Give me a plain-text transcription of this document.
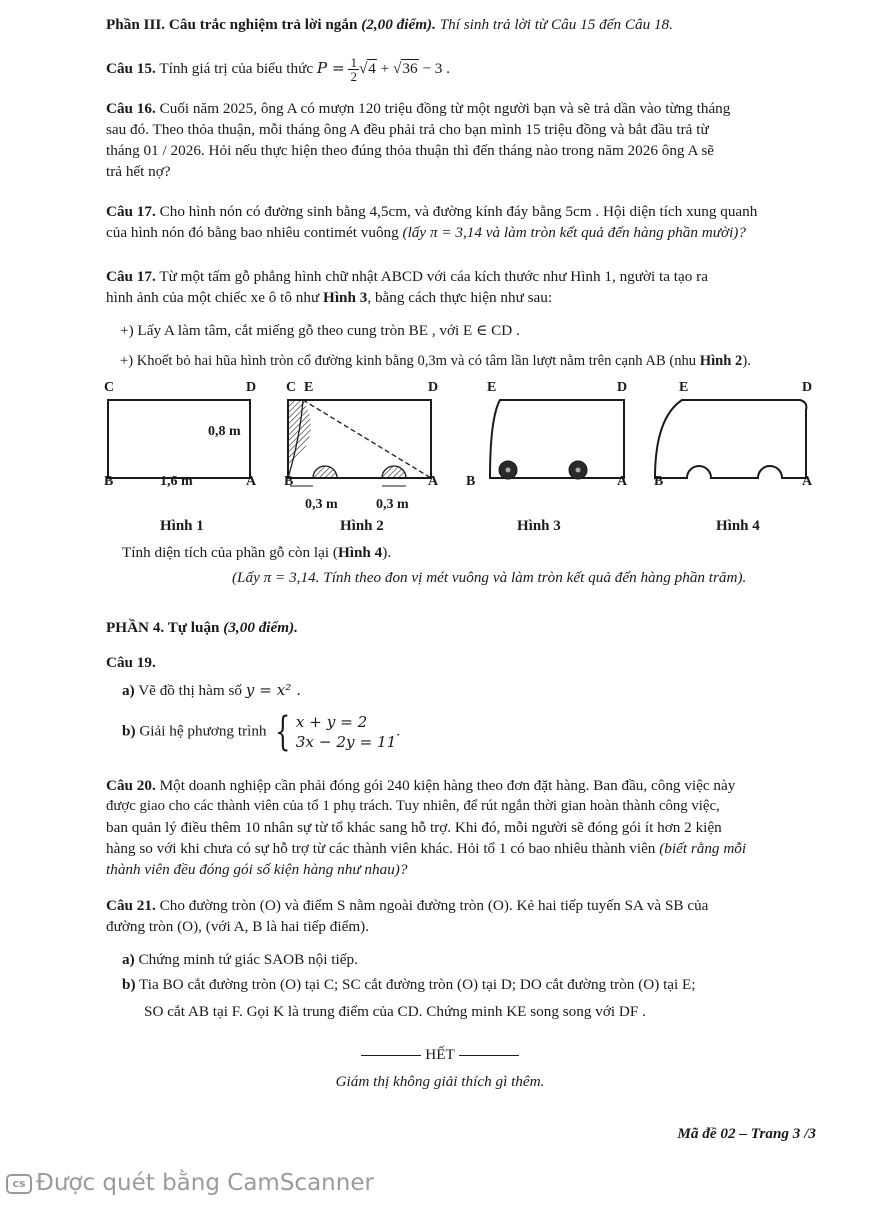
Phần III. Câu trắc nghiệm trả lời ngắn (2,00 điểm). Thí sinh trả lời từ Câu 15 đến Câu 18.
Câu 15. Tính giá trị của biểu thức $P = \frac{1}{2} √4 + √36 - 3$ .
Câu 16. Cuối năm 2025, ông A có mượn 120 triệu đồng từ một người bạn và sẽ trả dần vào từng tháng
sau đó. Theo thỏa thuận, mỗi tháng ông A đều phải trả cho bạn mình 15 triệu đồng và bắt đầu trả từ
tháng 01 / 2026. Hỏi nếu thực hiện theo đúng thỏa thuận thì đến tháng nào trong năm 2026 ông A sẽ
trả hết nợ?
Câu 17. Cho hình nón có đường sinh bằng 4,5cm, và đường kính đáy bằng 5cm . Hội diện tích xung quanh
của hình nón đó bằng bao nhiêu contimét vuông (lấy π = 3,14 và làm tròn kết quả đến hàng phần mười)?
Câu 17. Từ một tấm gỗ phẳng hình chữ nhật ABCD với cáa kích thước như Hình 1, người ta tạo ra
hình ảnh của một chiếc xe ô tô như Hình 3, bằng cách thực hiện như sau:
+) Lấy A làm tâm, cắt miếng gỗ theo cung tròn BE , với E ∈ CD .
+) Khoết bỏ hai hũa hình tròn cổ đường kinh bằng 0,3m và có tâm lần lượt nằm trên cạnh AB (nhu Hình 2).
C	D
B	A
1,6 m
0,8 m
C E	D
B	A
0,3 m	0,3 m
E	D
B	A
E	D
B	A
Hình 1	Hình 2	Hình 3	Hình 4
Tính diện tích của phần gỗ còn lại (Hình 4).
(Lấy π = 3,14. Tính theo đon vị mét vuông và làm tròn kết quả đến hàng phần trăm).
PHẦN 4. Tự luận (3,00 điểm).
Câu 19.
a) Vẽ đồ thị hàm số y = x² .
b) Giải hệ phương trình { x + y = 2
3x − 2y = 11
.
Câu 20. Một doanh nghiệp cần phải đóng gói 240 kiện hàng theo đơn đặt hàng. Ban đầu, công việc này
được giao cho các thành viên của tổ 1 phụ trách. Tuy nhiên, để rút ngắn thời gian hoàn thành công việc,
ban quản lý điều thêm 10 nhân sự từ tổ khác sang hỗ trợ. Khi đó, mỗi người sẽ đóng gói ít hơn 2 kiện
hàng so với khi chưa có sự hỗ trợ từ các thành viên khác. Hỏi tổ 1 có bao nhiêu thành viên (biết rằng mỗi
thành viên đều đóng gói số kiện hàng như nhau)?
Câu 21. Cho đường tròn (O) và điểm S nằm ngoài đường tròn (O). Kẻ hai tiếp tuyến SA và SB của
đường tròn (O), (với A, B là hai tiếp điểm).
a) Chứng minh tứ giác SAOB nội tiếp.
b) Tia BO cắt đường tròn (O) tại C; SC cắt đường tròn (O) tại D; DO cắt đường tròn (O) tại E;
SO cắt AB tại F. Gọi K là trung điểm của CD. Chứng minh KE song song với DF .
HẾT
Giám thị không giải thích gì thêm.
Mã đề 02 – Trang 3 /3
cs Được quét bằng CamScanner
